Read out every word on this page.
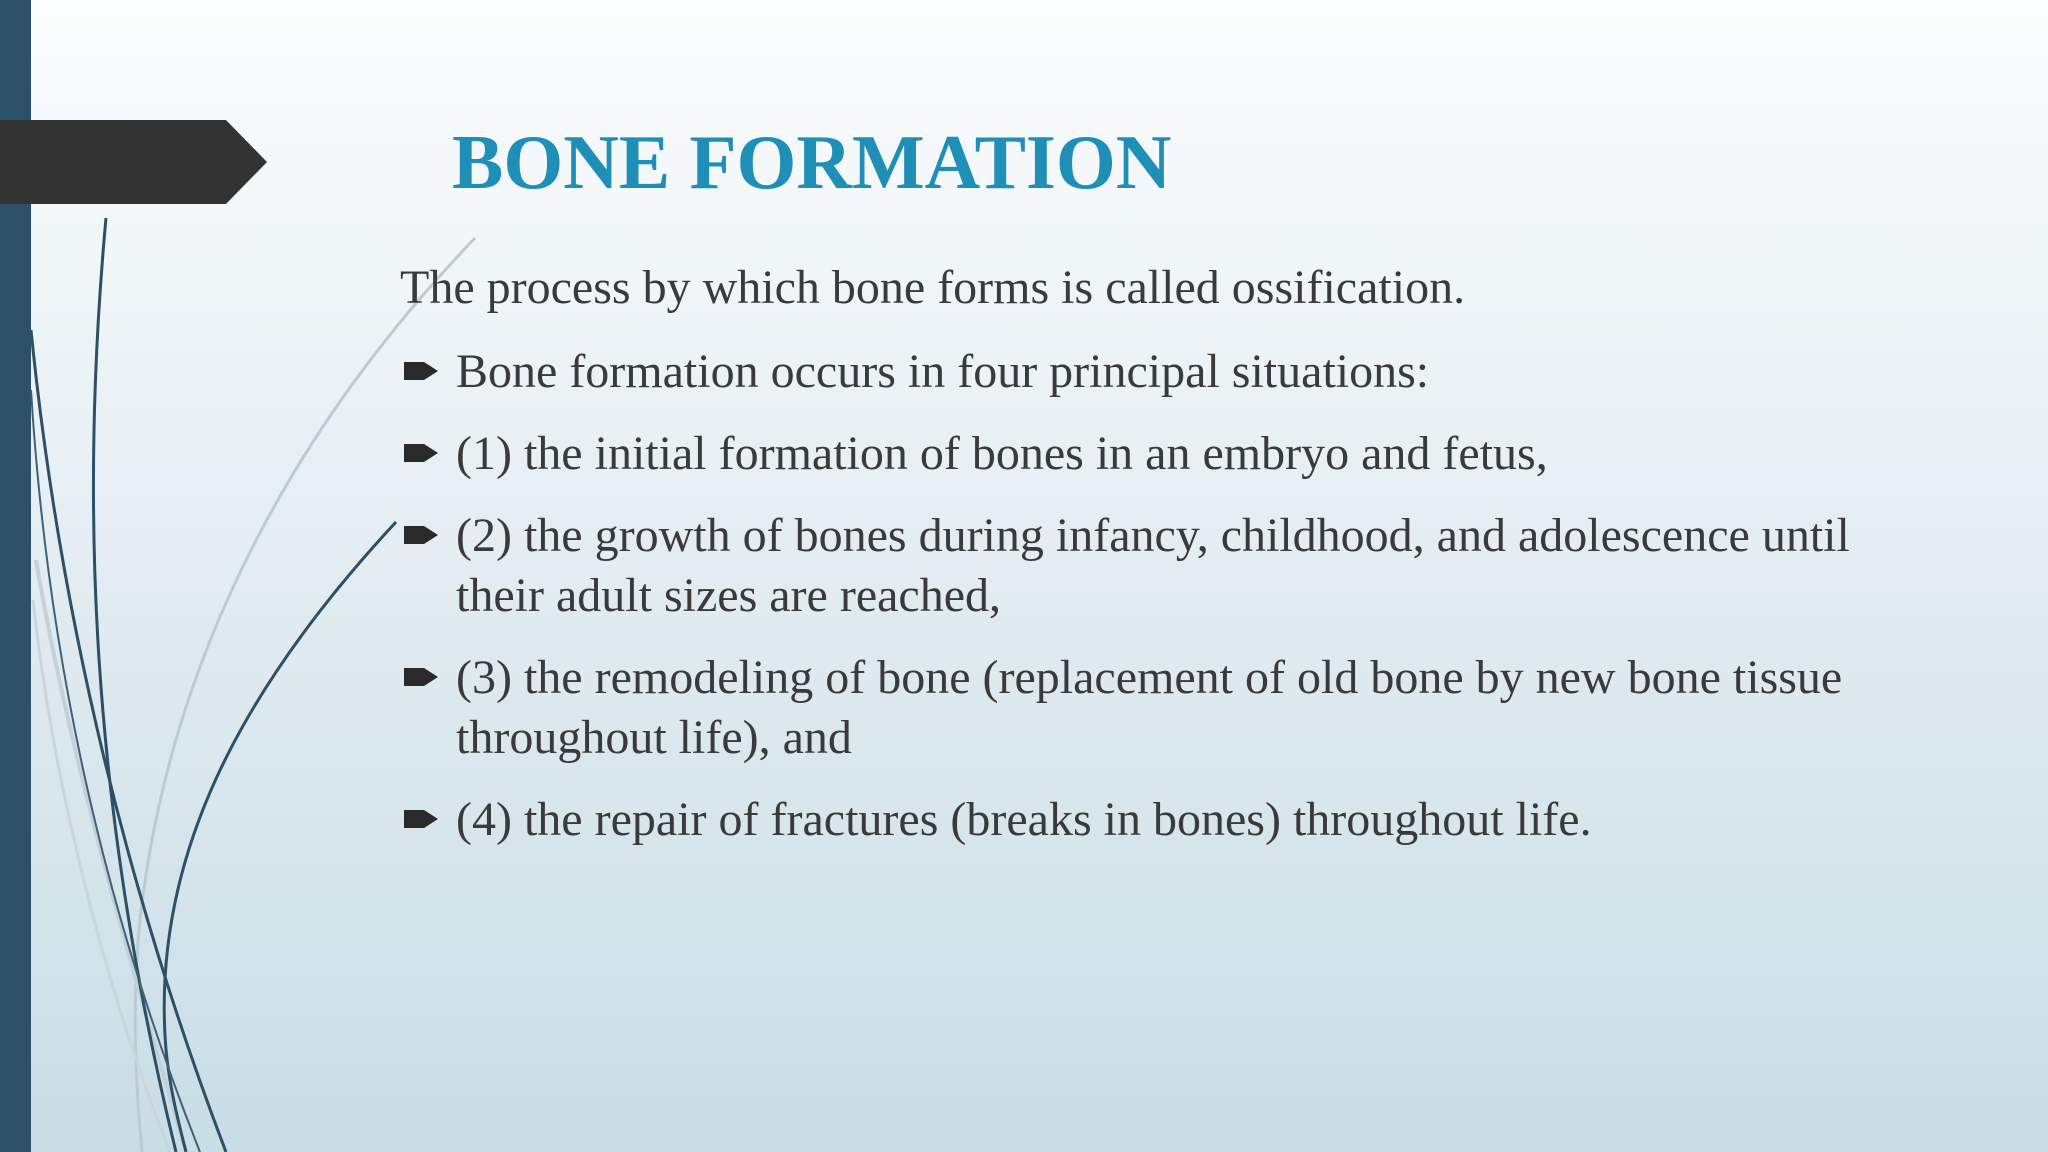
BONE FORMATION

The process by which bone forms is called ossification.

Bone formation occurs in four principal situations:
(1) the initial formation of bones in an embryo and fetus,
(2) the growth of bones during infancy, childhood, and adolescence until their adult sizes are reached,
(3) the remodeling of bone (replacement of old bone by new bone tissue throughout life), and
(4) the repair of fractures (breaks in bones) throughout life.
